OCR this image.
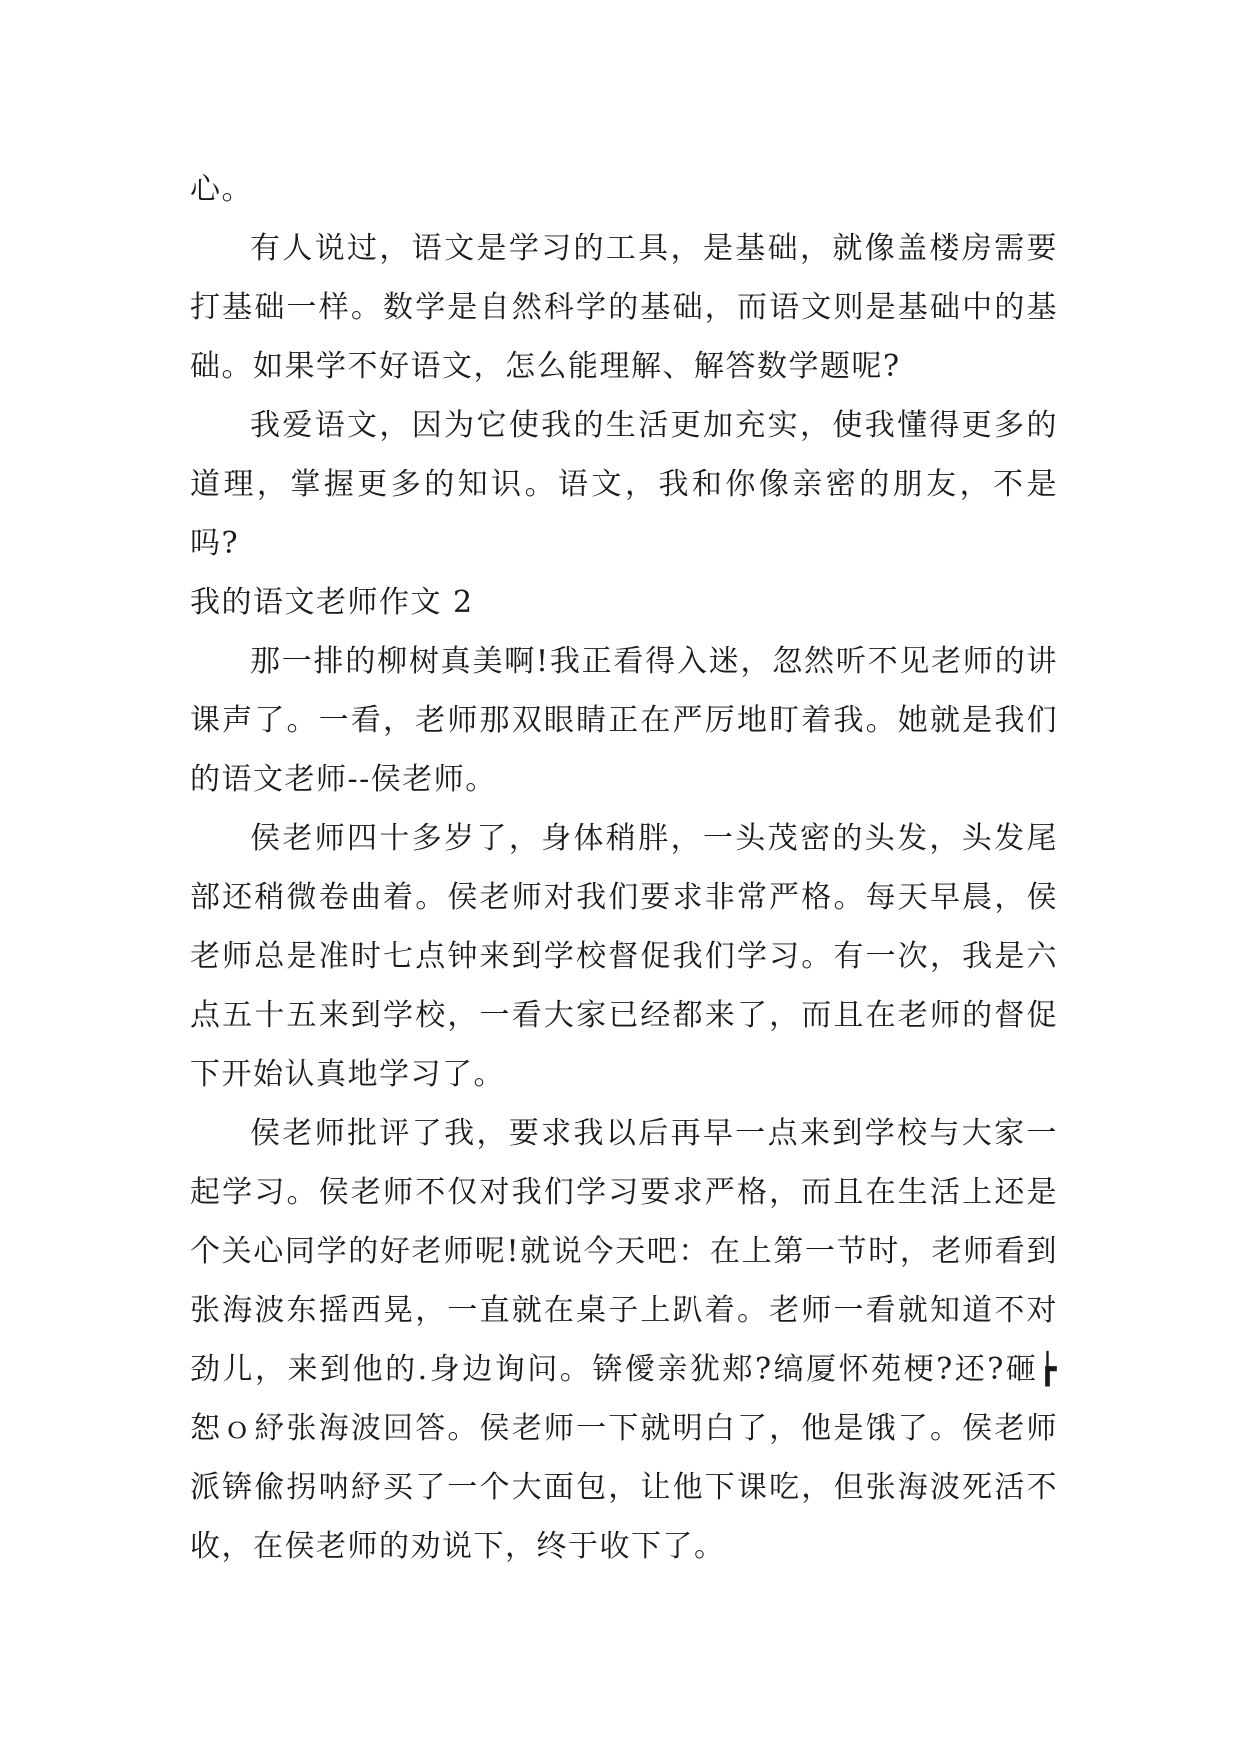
心。

有人说过，语文是学习的工具，是基础，就像盖楼房需要打基础一样。数学是自然科学的基础，而语文则是基础中的基础。如果学不好语文，怎么能理解、解答数学题呢?

我爱语文，因为它使我的生活更加充实，使我懂得更多的道理，掌握更多的知识。语文，我和你像亲密的朋友，不是吗?

我的语文老师作文 2

那一排的柳树真美啊!我正看得入迷，忽然听不见老师的讲课声了。一看，老师那双眼睛正在严厉地盯着我。她就是我们的语文老师--侯老师。

侯老师四十多岁了，身体稍胖，一头茂密的头发，头发尾部还稍微卷曲着。侯老师对我们要求非常严格。每天早晨，侯老师总是准时七点钟来到学校督促我们学习。有一次，我是六点五十五来到学校，一看大家已经都来了，而且在老师的督促下开始认真地学习了。

侯老师批评了我，要求我以后再早一点来到学校与大家一起学习。侯老师不仅对我们学习要求严格，而且在生活上还是个关心同学的好老师呢!就说今天吧：在上第一节时，老师看到张海波东摇西晃，一直就在桌子上趴着。老师一看就知道不对劲儿，来到他的.身边询问。锛僾亲犹郏?缟厦怀苑梗?还?砸┢恕ｏ紓张海波回答。侯老师一下就明白了，他是饿了。侯老师派锛偸拐呐紓买了一个大面包，让他下课吃，但张海波死活不收，在侯老师的劝说下，终于收下了。
